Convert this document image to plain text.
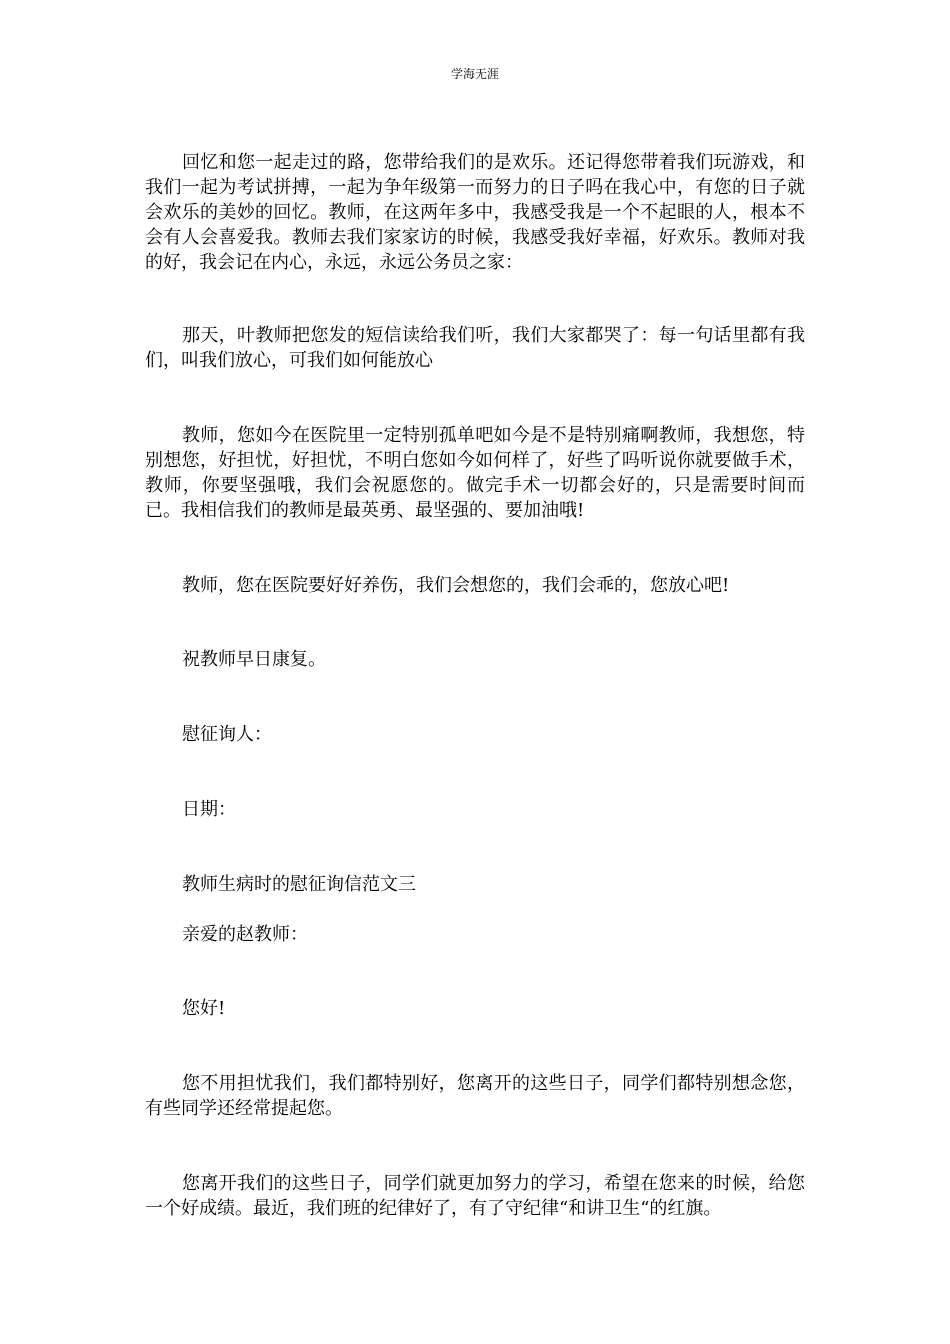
学海无涯

回忆和您一起走过的路，您带给我们的是欢乐。还记得您带着我们玩游戏，和我们一起为考试拼搏，一起为争年级第一而努力的日子吗在我心中，有您的日子就会欢乐的美妙的回忆。教师，在这两年多中，我感受我是一个不起眼的人，根本不会有人会喜爱我。教师去我们家家访的时候，我感受我好幸福，好欢乐。教师对我的好，我会记在内心，永远，永远公务员之家：

那天，叶教师把您发的短信读给我们听，我们大家都哭了：每一句话里都有我们，叫我们放心，可我们如何能放心

教师，您如今在医院里一定特别孤单吧如今是不是特别痛啊教师，我想您，特别想您，好担忧，好担忧，不明白您如今如何样了，好些了吗听说你就要做手术，教师，你要坚强哦，我们会祝愿您的。做完手术一切都会好的，只是需要时间而已。我相信我们的教师是最英勇、最坚强的、要加油哦!

教师，您在医院要好好养伤，我们会想您的，我们会乖的，您放心吧!

祝教师早日康复。

慰征询人：

日期：

教师生病时的慰征询信范文三

亲爱的赵教师：

您好!

您不用担忧我们，我们都特别好，您离开的这些日子，同学们都特别想念您，有些同学还经常提起您。

您离开我们的这些日子，同学们就更加努力的学习，希望在您来的时候，给您一个好成绩。最近，我们班的纪律好了，有了守纪律“和讲卫生“的红旗。
